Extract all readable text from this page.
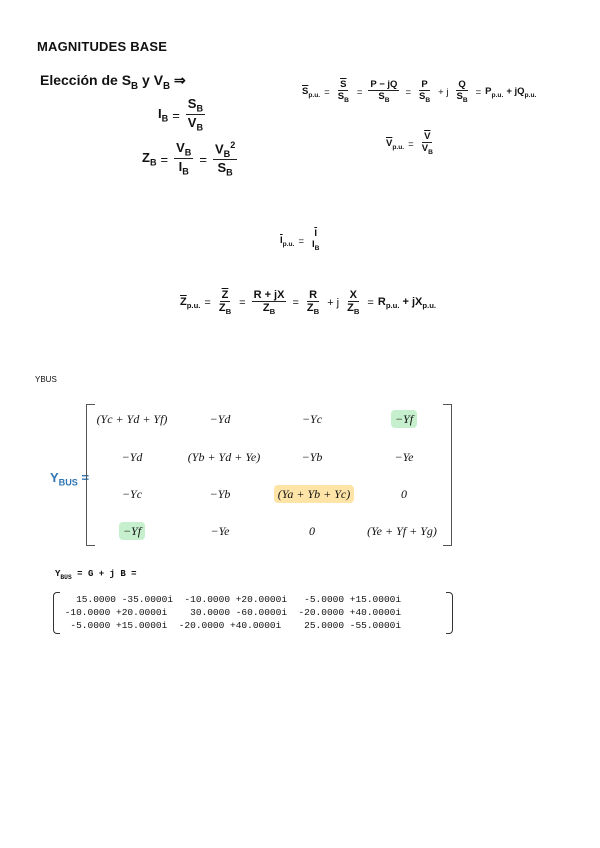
MAGNITUDES BASE
Elección de $S_B$ y $V_B$ ⇒
$I_B = \frac{S_B}{V_B}$
$Z_B = \frac{V_B}{I_B} = \frac{V_B^2}{S_B}$
$\overline{S}_{p.u.} = \frac{\overline{S}}{S_B} = \frac{P - jQ}{S_B} = \frac{P}{S_B} + j \frac{Q}{S_B} = P_{p.u.} + jQ_{p.u.}$
$\overline{V}_{p.u.} = \frac{\overline{V}}{V_B}$
$\overline{I}_{p.u.}$ =
$\overline{I}$
$I_B$
$\overline{Z}_{p.u.} = \frac{\overline{Z}}{Z_B} = \frac{R + jX}{Z_B} = \frac{R}{Z_B} + j \frac{X}{Z_B} = R_{p.u.} + jX_{p.u.}$
YBUS
$Y_{BUS}$ =
(Yc + Yd + Yf)	−Yd	−Yc	−Yf
−Yd	(Yb + Yd + Ye)	−Yb	−Ye
−Yc	−Yb	(Ya + Yb + Yc)	0
−Yf	−Ye	0	(Ye + Yf + Yg)
$Y_{BUS} = G + j$ B =
15.0000 -35.0000i  -10.0000 +20.0000i   -5.0000 +15.0000i
-10.0000 +20.0000i    30.0000 -60.0000i  -20.0000 +40.0000i
-5.0000 +15.0000i  -20.0000 +40.0000i    25.0000 -55.0000i
